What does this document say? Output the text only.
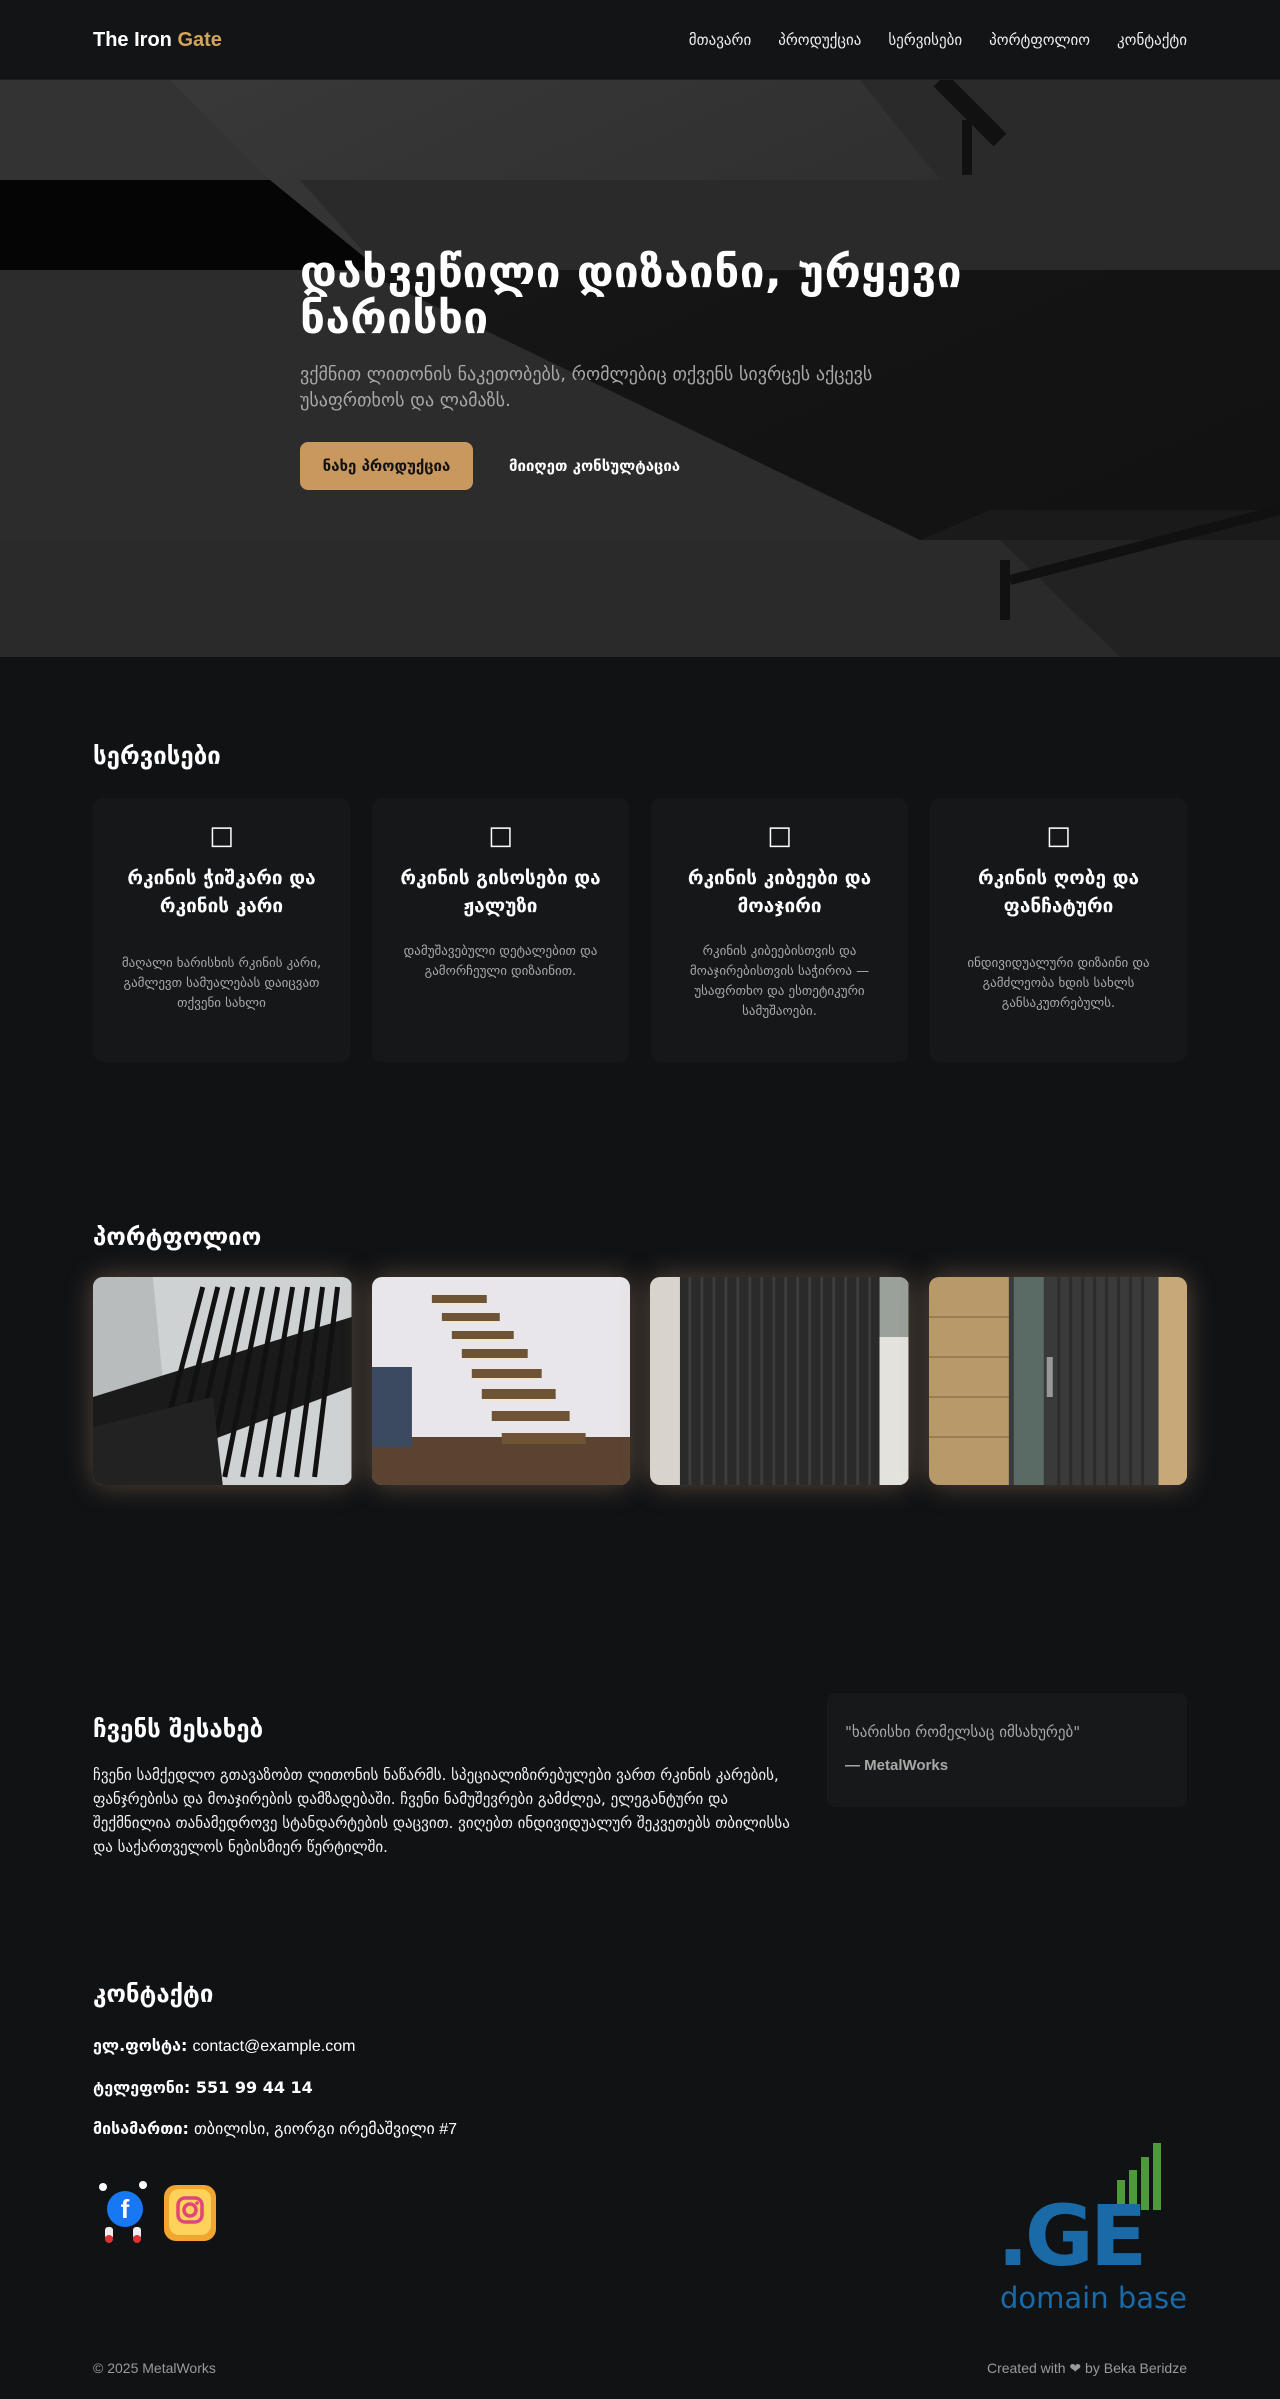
The Iron Gate	მთავარი პროდუქცია სერვისები პორტფოლიო კონტაქტი
დახვეწილი დიზაინი, ურყევი ნარისხი

ვქმნით ლითონის ნაკეთობებს, რომლებიც თქვენს სივრცეს აქცევს უსაფრთხოს და ლამაზს.

ნახე პროდუქცია	მიიღეთ კონსულტაცია
სერვისები
□
რკინის ჭიშკარი და რკინის კარი
მაღალი ხარისხის რკინის კარი, გამლევთ სამუალებას დაიცვათ თქვენი სახლი
□
რკინის გისოსები და ჟალუზი
დამუშავებული დეტალებით და გამორჩეული დიზაინით.
□
რკინის კიბეები და მოაჯირი
რკინის კიბეებისთვის და მოაჯირებისთვის საჭიროა — უსაფრთხო და ესთეტიკური სამუშაოები.
□
რკინის ღობე და ფანჩატური
ინდივიდუალური დიზაინი და გამძლეობა ხდის სახლს განსაკუთრებულს.
პორტფოლიო
ჩვენს შესახებ

ჩვენი სამქედლო გთავაზობთ ლითონის ნაწარმს. სპეციალიზირებულები ვართ რკინის კარების, ფანჯრებისა და მოაჯირების დამზადებაში. ჩვენი ნამუშევრები გამძლეა, ელეგანტური და შექმნილია თანამედროვე სტანდარტების დაცვით. ვიღებთ ინდივიდუალურ შეკვეთებს თბილისსა და საქართველოს ნებისმიერ წერტილში.

"ხარისხი რომელსაც იმსახურებ"
— MetalWorks
კონტაქტი
ელ.ფოსტა: contact@example.com
ტელეფონი: 551 99 44 14
მისამართი: თბილისი, გიორგი ირემაშვილი #7
f	.GE
domain base
© 2025 MetalWorks	Created with ❤ by Beka Beridze
